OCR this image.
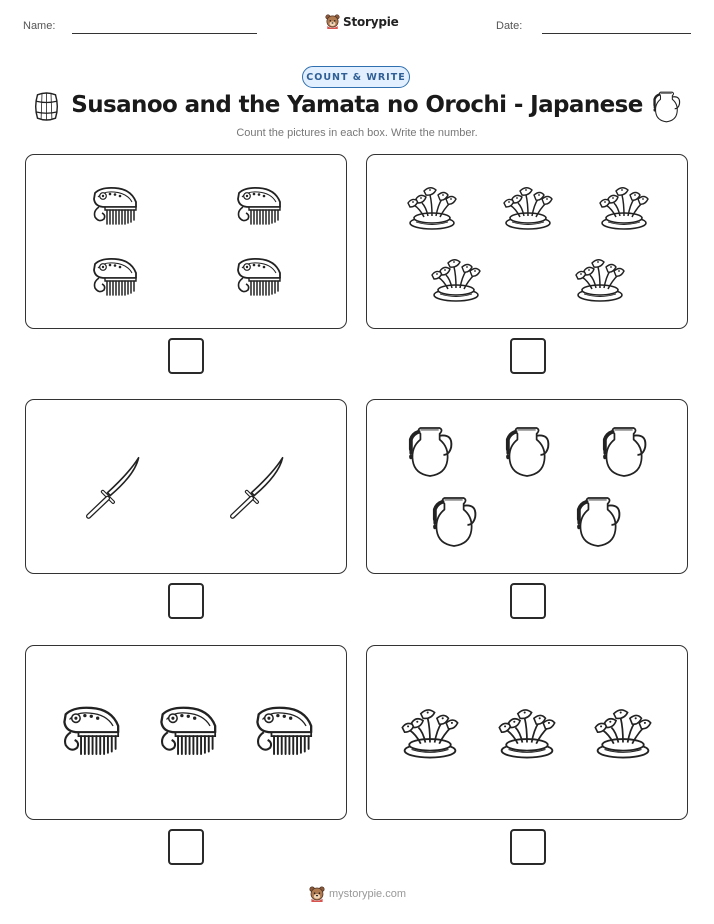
Name:	Storypie	Date:
COUNT & WRITE
Susanoo and the Yamata no Orochi - Japanese
Count the pictures in each box. Write the number.
mystorypie.com
